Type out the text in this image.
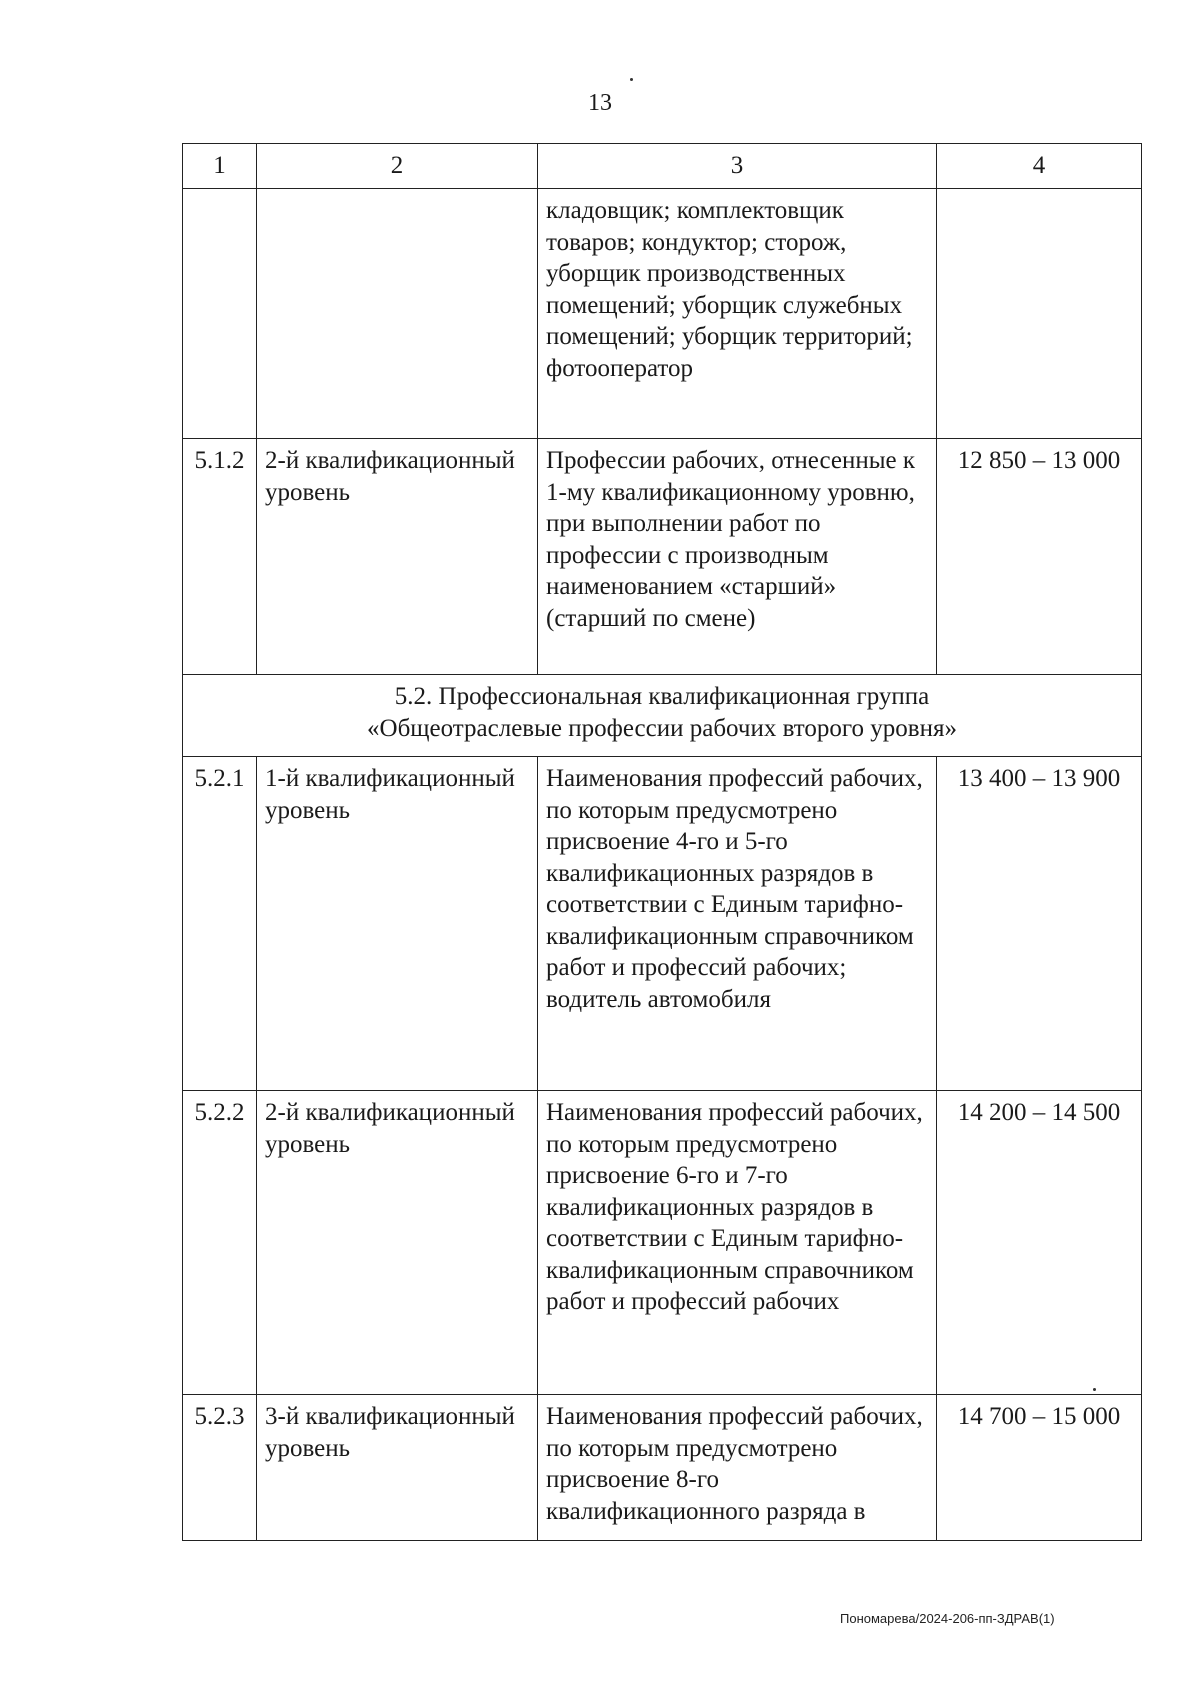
13
1	2	3	4
		кладовщик; комплектовщик товаров; кондуктор; сторож, уборщик производственных помещений; уборщик служебных помещений; уборщик территорий; фотооператор	
5.1.2	2-й квалификационный уровень	Профессии рабочих, отнесенные к 1-му квалификационному уровню, при выполнении работ по профессии с производным наименованием «старший» (старший по смене)	12 850 – 13 000

5.2. Профессиональная квалификационная группа
«Общеотраслевые профессии рабочих второго уровня»			

5.2.1	1-й квалификационный уровень	Наименования профессий рабочих, по которым предусмотрено присвоение 4-го и 5-го квалификационных разрядов в соответствии с Единым тарифно-квалификационным справочником работ и профессий рабочих; водитель автомобиля	13 400 – 13 900
5.2.2	2-й квалификационный уровень	Наименования профессий рабочих, по которым предусмотрено присвоение 6-го и 7-го квалификационных разрядов в соответствии с Единым тарифно-квалификационным справочником работ и профессий рабочих	14 200 – 14 500
5.2.3	3-й квалификационный уровень	Наименования профессий рабочих, по которым предусмотрено присвоение 8-го квалификационного разряда в	14 700 – 15 000
Пономарева/2024-206-пп-ЗДРАВ(1)
